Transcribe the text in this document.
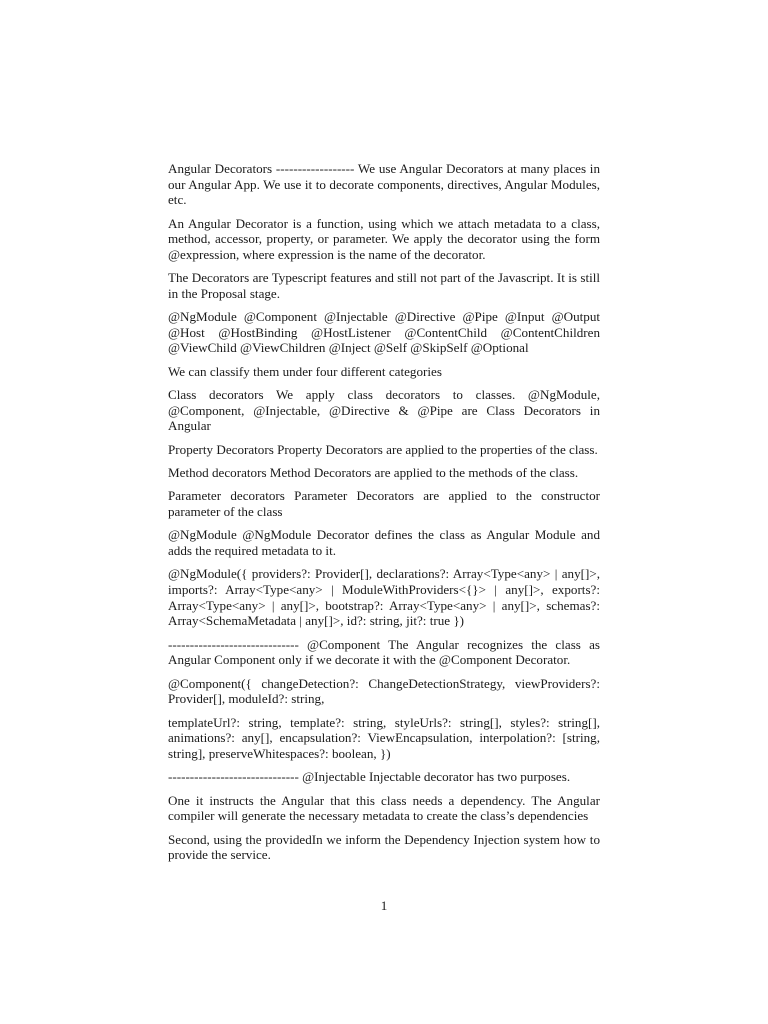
Angular Decorators ------------------ We use Angular Decorators at many places in our Angular App. We use it to decorate components, directives, Angular Modules, etc.

An Angular Decorator is a function, using which we attach metadata to a class, method, accessor, property, or parameter. We apply the decorator using the form @expression, where expression is the name of the decorator.

The Decorators are Typescript features and still not part of the Javascript. It is still in the Proposal stage.

@NgModule @Component @Injectable @Directive @Pipe @Input @Output @Host @HostBinding @HostListener @ContentChild @ContentChildren @ViewChild @ViewChildren @Inject @Self @SkipSelf @Optional

We can classify them under four different categories

Class decorators We apply class decorators to classes. @NgModule, @Component, @Injectable, @Directive & @Pipe are Class Decorators in Angular

Property Decorators Property Decorators are applied to the properties of the class.

Method decorators Method Decorators are applied to the methods of the class.

Parameter decorators Parameter Decorators are applied to the constructor parameter of the class

@NgModule @NgModule Decorator defines the class as Angular Module and adds the required metadata to it.

@NgModule({ providers?: Provider[], declarations?: Array<Type<any> | any[]>, imports?: Array<Type<any> | ModuleWithProviders<{}> | any[]>, exports?: Array<Type<any> | any[]>, bootstrap?: Array<Type<any> | any[]>, schemas?: Array<SchemaMetadata | any[]>, id?: string, jit?: true })

------------------------------ @Component The Angular recognizes the class as Angular Component only if we decorate it with the @Component Decorator.

@Component({ changeDetection?: ChangeDetectionStrategy, viewProviders?: Provider[], moduleId?: string,

templateUrl?: string, template?: string, styleUrls?: string[], styles?: string[], animations?: any[], encapsulation?: ViewEncapsulation, interpolation?: [string, string], preserveWhitespaces?: boolean, })

------------------------------ @Injectable Injectable decorator has two purposes.

One it instructs the Angular that this class needs a dependency. The Angular compiler will generate the necessary metadata to create the class’s dependencies

Second, using the providedIn we inform the Dependency Injection system how to provide the service.

1
